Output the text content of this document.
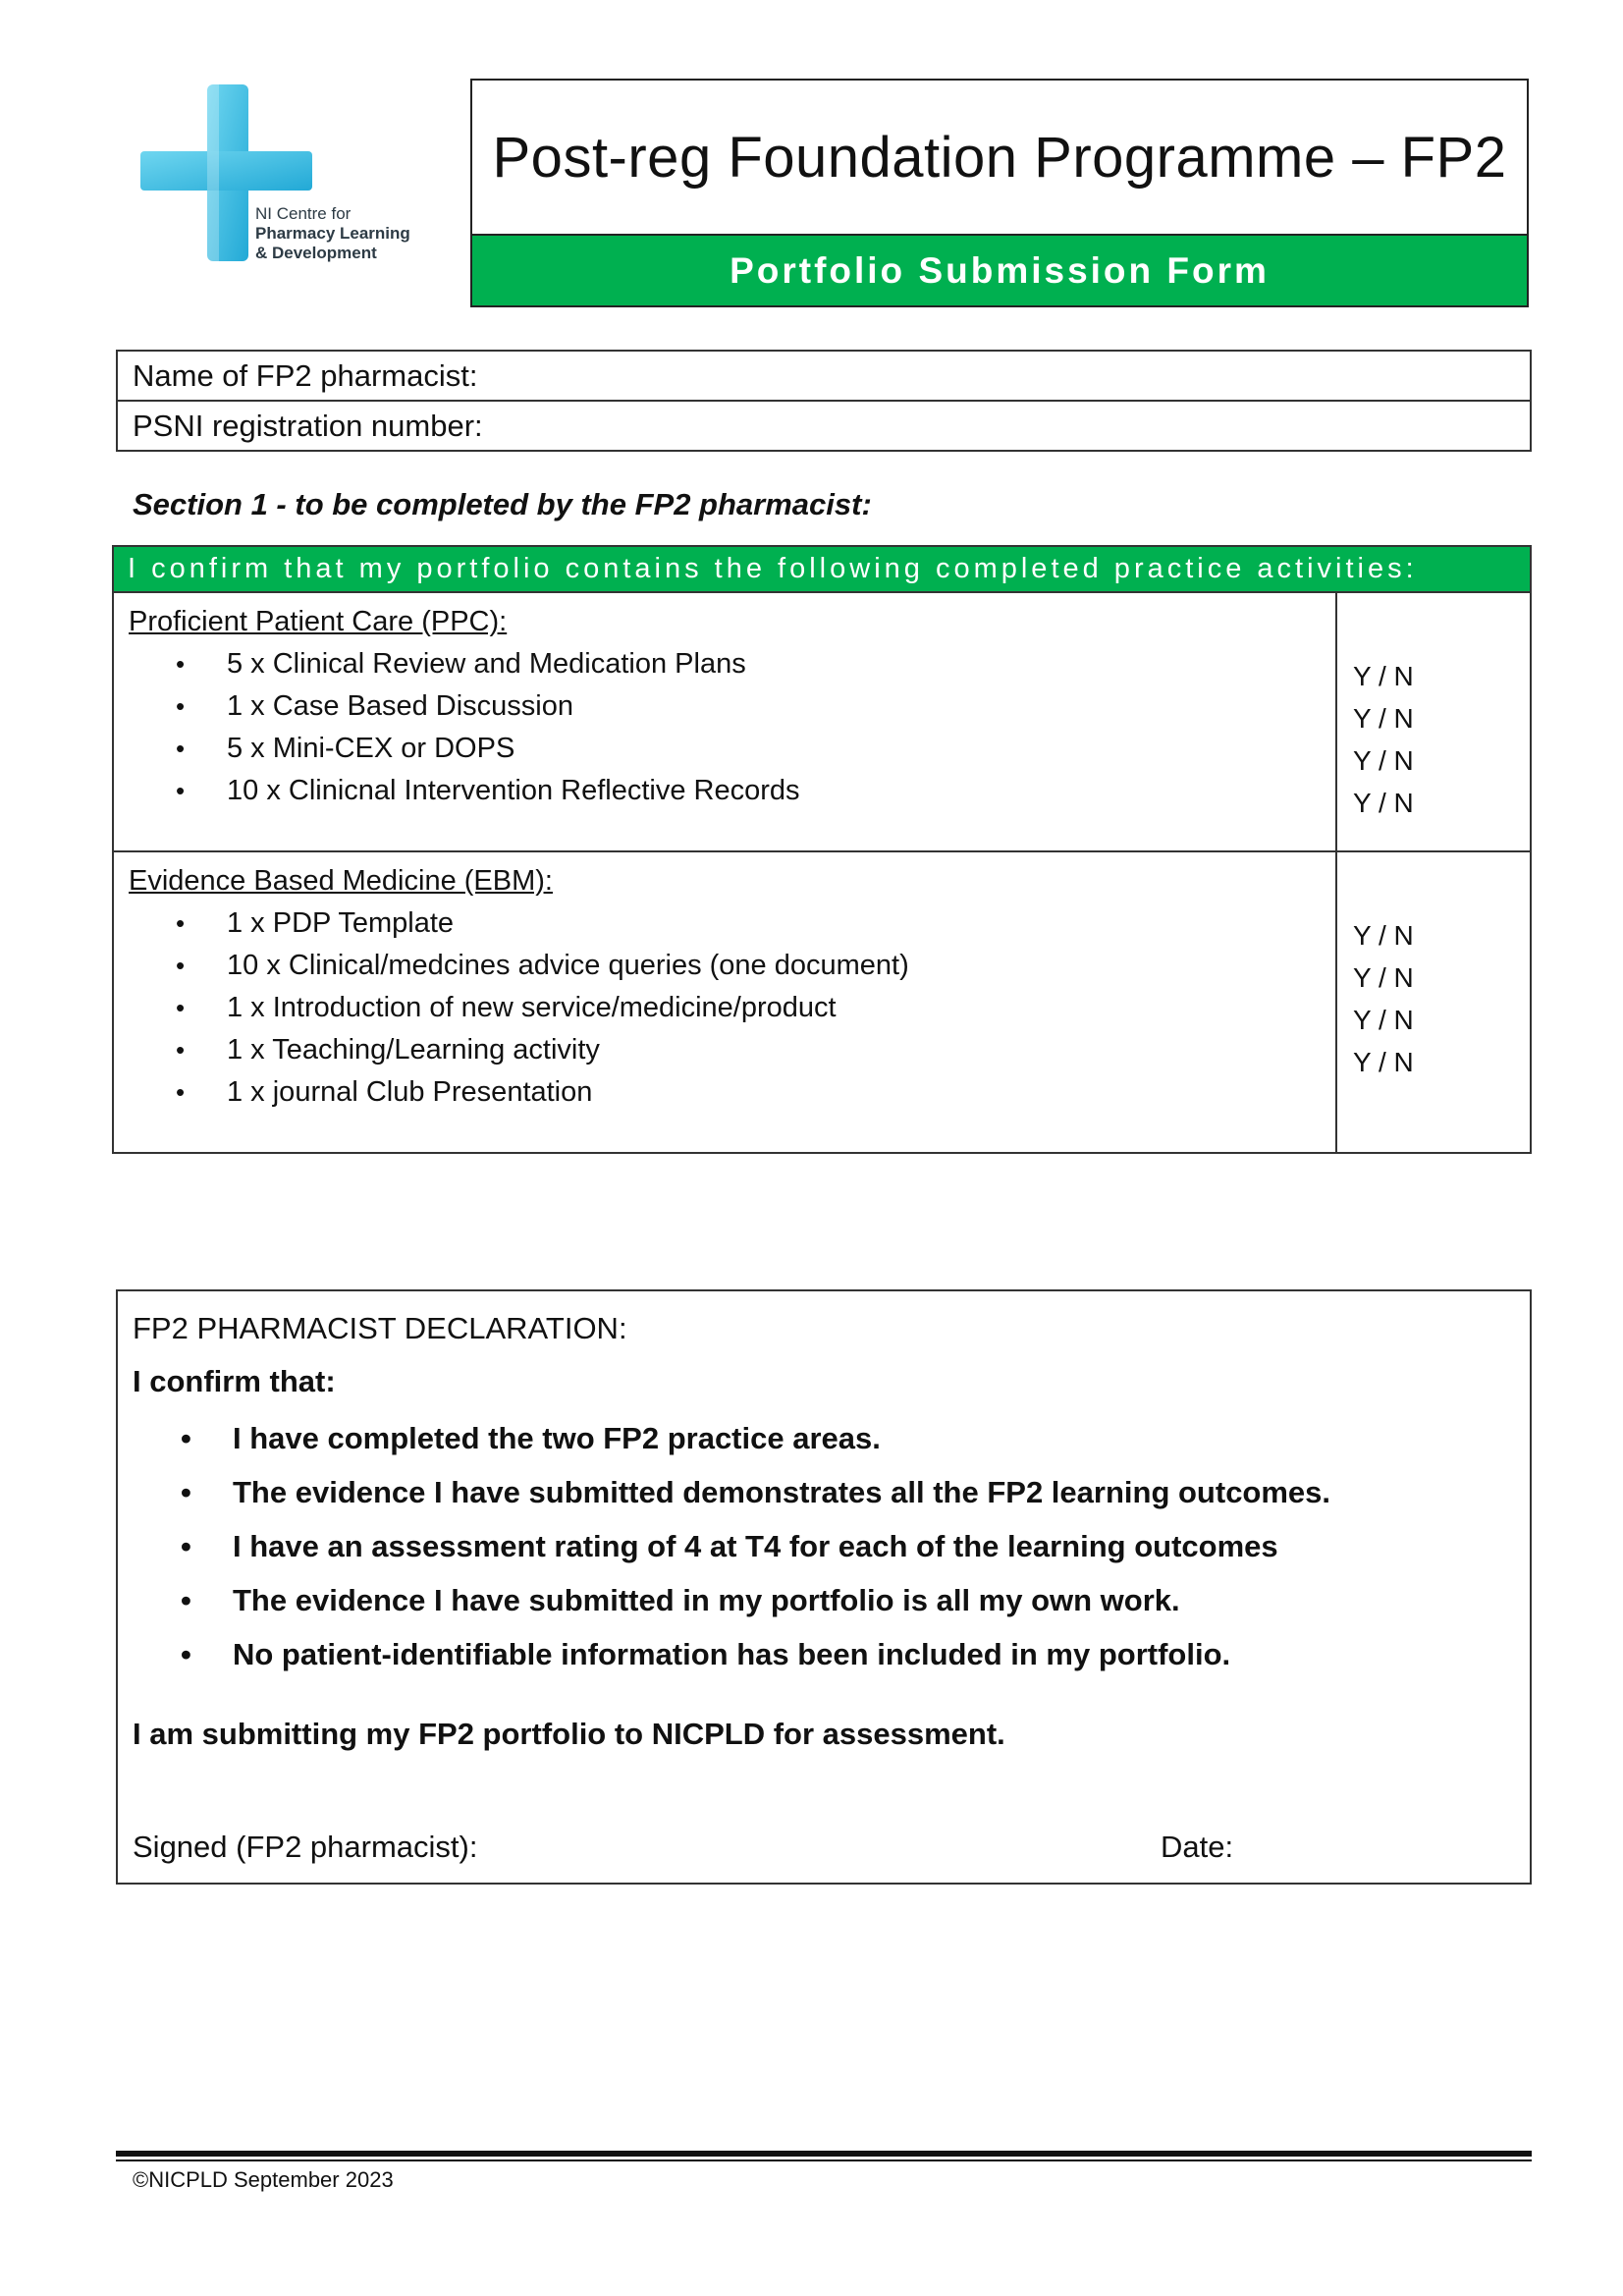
NI Centre for
Pharmacy Learning
& Development
Post-reg Foundation Programme – FP2
Portfolio Submission Form
Name of FP2 pharmacist:
PSNI registration number:
Section 1 - to be completed by the FP2 pharmacist:
I confirm that my portfolio contains the following completed practice activities:
Proficient Patient Care (PPC):
• 5 x Clinical Review and Medication Plans
• 1 x Case Based Discussion
• 5 x Mini-CEX or DOPS
• 10 x Clinicnal Intervention Reflective Records
Y / N
Y / N
Y / N
Y / N
Evidence Based Medicine (EBM):
• 1 x PDP Template
• 10 x Clinical/medcines advice queries (one document)
• 1 x Introduction of new service/medicine/product
• 1 x Teaching/Learning activity
• 1 x journal Club Presentation
Y / N
Y / N
Y / N
Y / N
FP2 PHARMACIST DECLARATION:
I confirm that:
• I have completed the two FP2 practice areas.
• The evidence I have submitted demonstrates all the FP2 learning outcomes.
• I have an assessment rating of 4 at T4 for each of the learning outcomes
• The evidence I have submitted in my portfolio is all my own work.
• No patient-identifiable information has been included in my portfolio.
I am submitting my FP2 portfolio to NICPLD for assessment.
Signed (FP2 pharmacist):	Date:
©NICPLD September 2023
